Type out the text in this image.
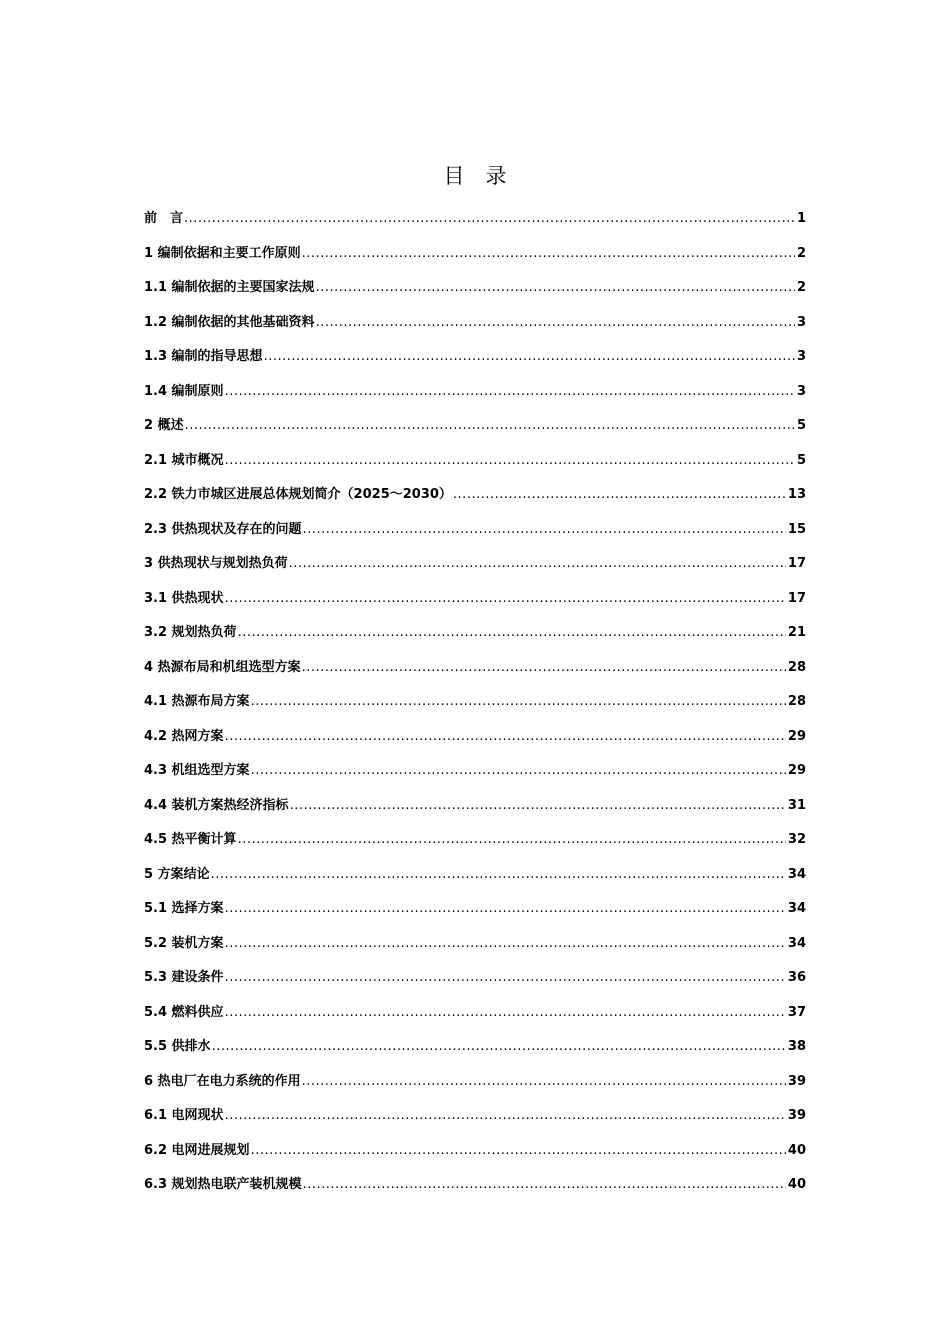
目　录
前　言 .....	1
1 编制依据和主要工作原则 .....	2
1.1 编制依据的主要国家法规 .....	2
1.2 编制依据的其他基础资料 .....	3
1.3 编制的指导思想 .....	3
1.4 编制原则 .....	3
2 概述 .....	5
2.1 城市概况 .....	5
2.2 铁力市城区进展总体规划简介（2025～2030） .....	13
2.3 供热现状及存在的问题 .....	15
3 供热现状与规划热负荷 .....	17
3.1 供热现状 .....	17
3.2 规划热负荷 .....	21
4 热源布局和机组选型方案 .....	28
4.1 热源布局方案 .....	28
4.2 热网方案 .....	29
4.3 机组选型方案 .....	29
4.4 装机方案热经济指标 .....	31
4.5 热平衡计算 .....	32
5 方案结论 .....	34
5.1 选择方案 .....	34
5.2 装机方案 .....	34
5.3 建设条件 .....	36
5.4 燃料供应 .....	37
5.5 供排水 .....	38
6 热电厂在电力系统的作用 .....	39
6.1 电网现状 .....	39
6.2 电网进展规划 .....	40
6.3 规划热电联产装机规模 .....	40
